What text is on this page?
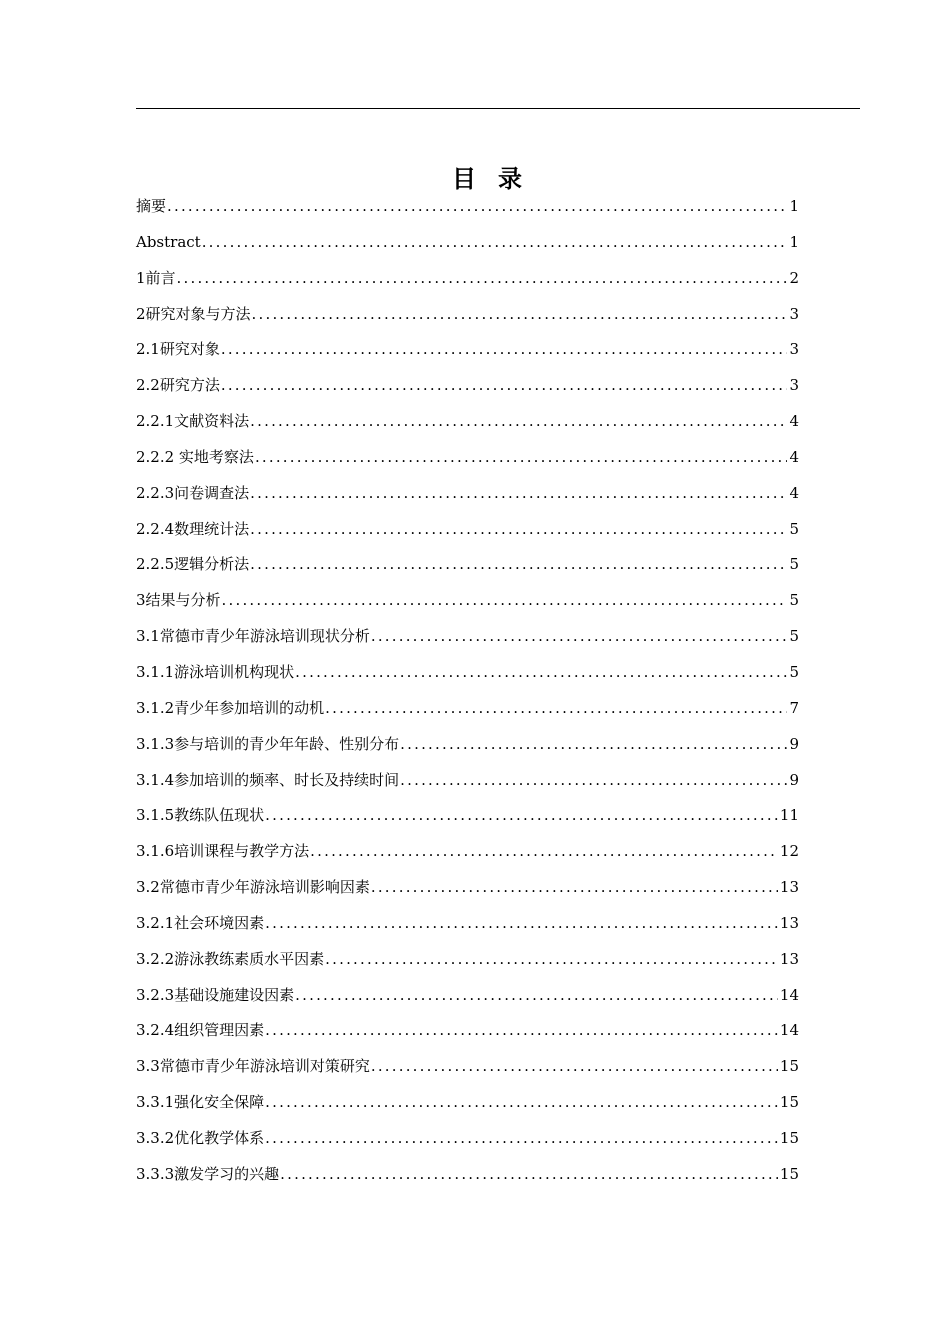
目录
摘要 .....	1
Abstract .....	1
1前言 .....	2
2研究对象与方法 .....	3
2.1研究对象 .....	3
2.2研究方法 .....	3
2.2.1文献资料法 .....	4
2.2.2 实地考察法 .....	4
2.2.3问卷调查法 .....	4
2.2.4数理统计法 .....	5
2.2.5逻辑分析法 .....	5
3结果与分析 .....	5
3.1常德市青少年游泳培训现状分析 .....	5
3.1.1游泳培训机构现状 .....	5
3.1.2青少年参加培训的动机 .....	7
3.1.3参与培训的青少年年龄、性别分布 .....	9
3.1.4参加培训的频率、时长及持续时间 .....	9
3.1.5教练队伍现状 .....	11
3.1.6培训课程与教学方法 .....	12
3.2常德市青少年游泳培训影响因素 .....	13
3.2.1社会环境因素 .....	13
3.2.2游泳教练素质水平因素 .....	13
3.2.3基础设施建设因素 .....	14
3.2.4组织管理因素 .....	14
3.3常德市青少年游泳培训对策研究 .....	15
3.3.1强化安全保障 .....	15
3.3.2优化教学体系 .....	15
3.3.3激发学习的兴趣 .....	15
